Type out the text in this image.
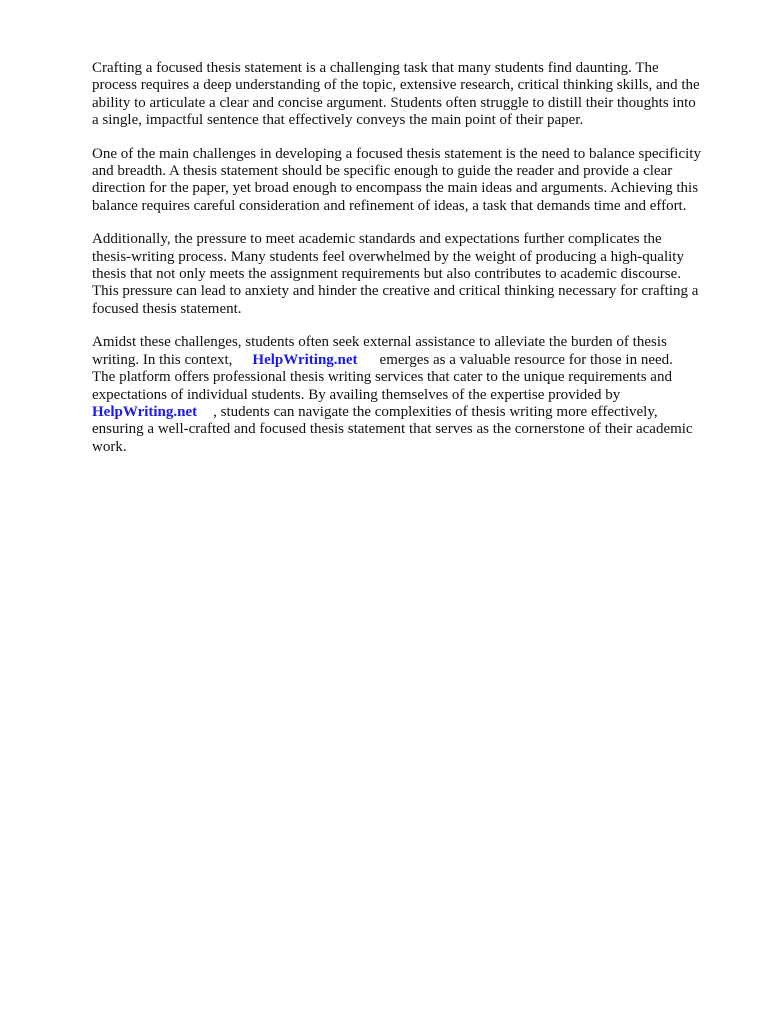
Crafting a focused thesis statement is a challenging task that many students find daunting. The
process requires a deep understanding of the topic, extensive research, critical thinking skills, and the
ability to articulate a clear and concise argument. Students often struggle to distill their thoughts into
a single, impactful sentence that effectively conveys the main point of their paper.

One of the main challenges in developing a focused thesis statement is the need to balance specificity
and breadth. A thesis statement should be specific enough to guide the reader and provide a clear
direction for the paper, yet broad enough to encompass the main ideas and arguments. Achieving this
balance requires careful consideration and refinement of ideas, a task that demands time and effort.

Additionally, the pressure to meet academic standards and expectations further complicates the
thesis-writing process. Many students feel overwhelmed by the weight of producing a high-quality
thesis that not only meets the assignment requirements but also contributes to academic discourse.
This pressure can lead to anxiety and hinder the creative and critical thinking necessary for crafting a
focused thesis statement.

Amidst these challenges, students often seek external assistance to alleviate the burden of thesis
writing. In this context, HelpWriting.net emerges as a valuable resource for those in need.
The platform offers professional thesis writing services that cater to the unique requirements and
expectations of individual students. By availing themselves of the expertise provided by
HelpWriting.net , students can navigate the complexities of thesis writing more effectively,
ensuring a well-crafted and focused thesis statement that serves as the cornerstone of their academic
work.
